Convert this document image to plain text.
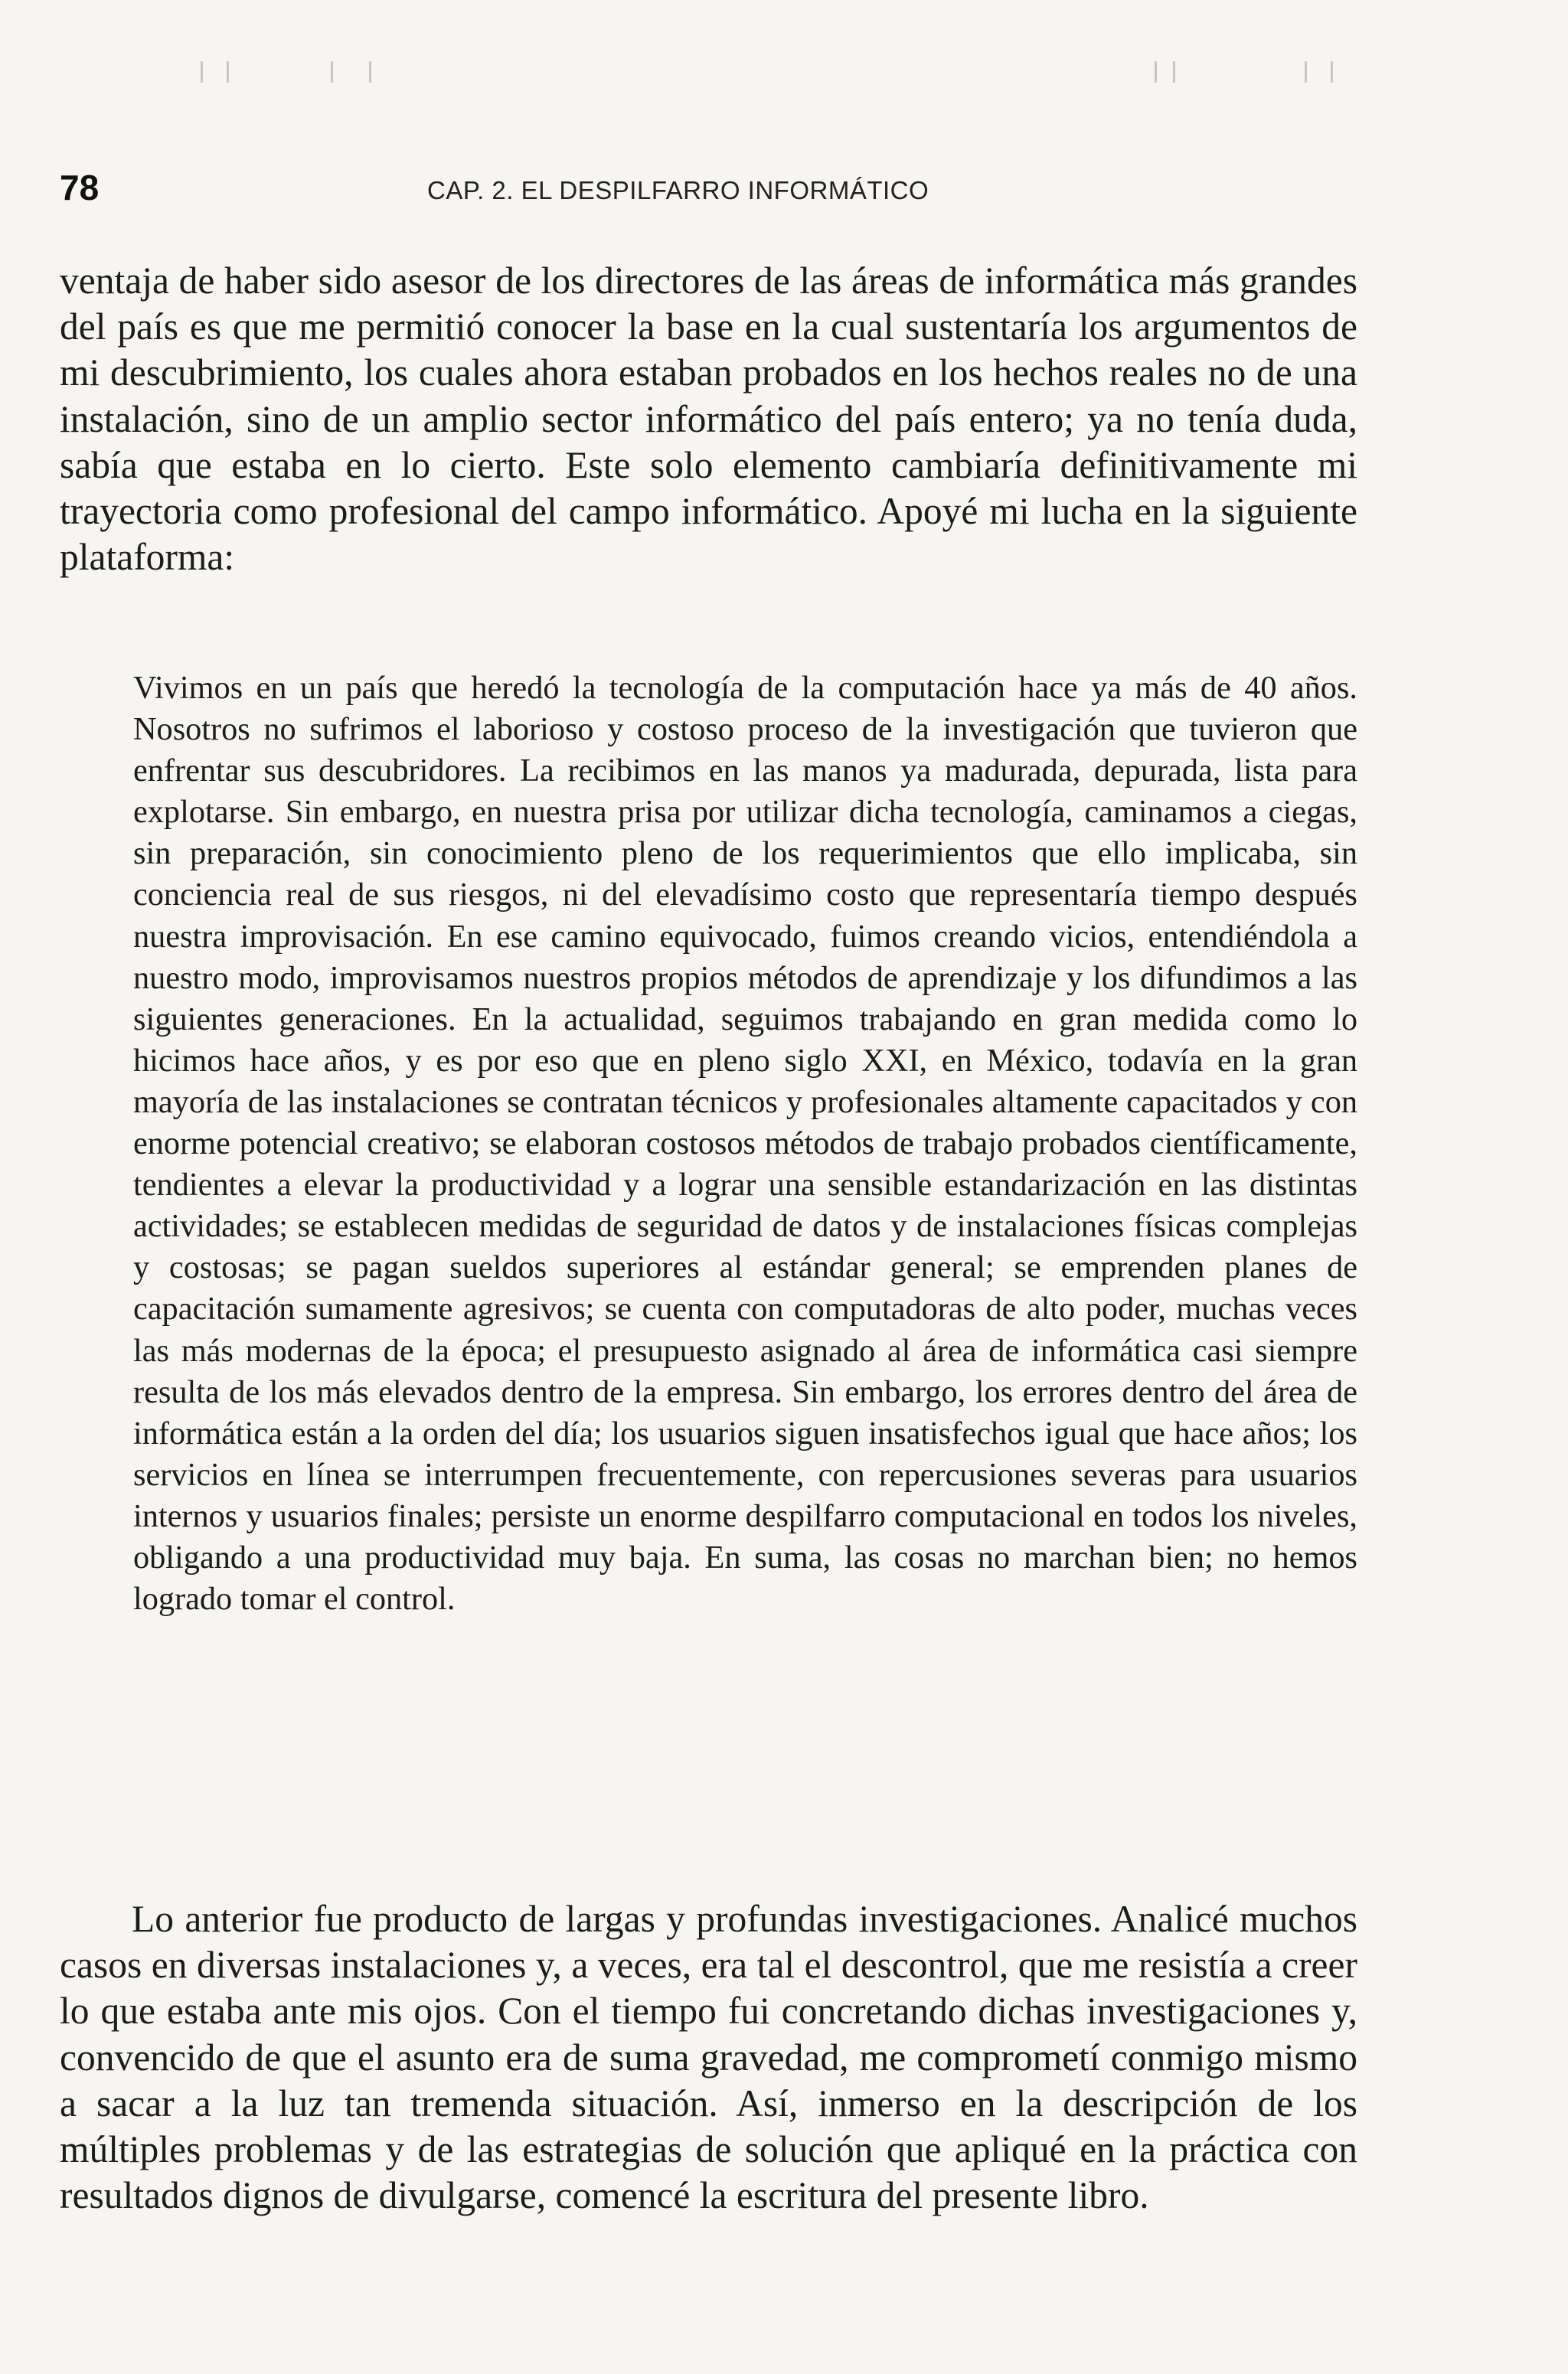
78	CAP. 2. EL DESPILFARRO INFORMÁTICO

ventaja de haber sido asesor de los directores de las áreas de informática más grandes del país es que me permitió conocer la base en la cual sustentaría los argumentos de mi descubrimiento, los cuales ahora estaban probados en los hechos reales no de una instalación, sino de un amplio sector informático del país entero; ya no tenía duda, sabía que estaba en lo cierto. Este solo elemento cambiaría definitivamente mi trayectoria como profesional del campo informático. Apoyé mi lucha en la siguiente plataforma:

Vivimos en un país que heredó la tecnología de la computación hace ya más de 40 años. Nosotros no sufrimos el laborioso y costoso proceso de la investigación que tuvieron que enfrentar sus descubridores. La recibimos en las manos ya madurada, depurada, lista para explotarse. Sin embargo, en nuestra prisa por utilizar dicha tecnología, caminamos a ciegas, sin preparación, sin conocimiento pleno de los requerimientos que ello implicaba, sin conciencia real de sus riesgos, ni del elevadísimo costo que representaría tiempo después nuestra improvisación. En ese camino equivocado, fuimos creando vicios, entendiéndola a nuestro modo, improvisamos nuestros propios métodos de aprendizaje y los difundimos a las siguientes generaciones. En la actualidad, seguimos trabajando en gran medida como lo hicimos hace años, y es por eso que en pleno siglo XXI, en México, todavía en la gran mayoría de las instalaciones se contratan técnicos y profesionales altamente capacitados y con enorme potencial creativo; se elaboran costosos métodos de trabajo probados científicamente, tendientes a elevar la productividad y a lograr una sensible estandarización en las distintas actividades; se establecen medidas de seguridad de datos y de instalaciones físicas complejas y costosas; se pagan sueldos superiores al estándar general; se emprenden planes de capacitación sumamente agresivos; se cuenta con computadoras de alto poder, muchas veces las más modernas de la época; el presupuesto asignado al área de informática casi siempre resulta de los más elevados dentro de la empresa. Sin embargo, los errores dentro del área de informática están a la orden del día; los usuarios siguen insatisfechos igual que hace años; los servicios en línea se interrumpen frecuentemente, con repercusiones severas para usuarios internos y usuarios finales; persiste un enorme despilfarro computacional en todos los niveles, obligando a una productividad muy baja. En suma, las cosas no marchan bien; no hemos logrado tomar el control.

Lo anterior fue producto de largas y profundas investigaciones. Analicé muchos casos en diversas instalaciones y, a veces, era tal el descontrol, que me resistía a creer lo que estaba ante mis ojos. Con el tiempo fui concretando dichas investigaciones y, convencido de que el asunto era de suma gravedad, me comprometí conmigo mismo a sacar a la luz tan tremenda situación. Así, inmerso en la descripción de los múltiples problemas y de las estrategias de solución que apliqué en la práctica con resultados dignos de divulgarse, comencé la escritura del presente libro.
